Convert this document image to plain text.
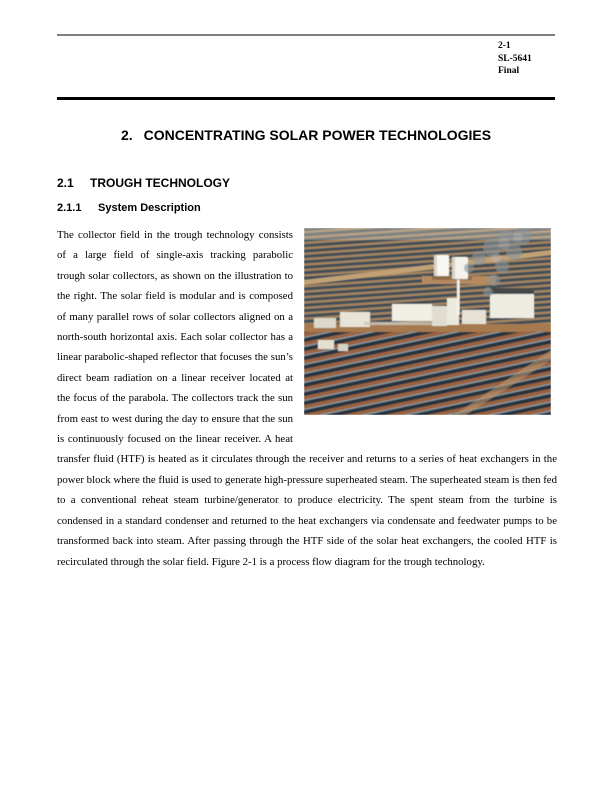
2-1
SL-5641
Final
2. CONCENTRATING SOLAR POWER TECHNOLOGIES
2.1 TROUGH TECHNOLOGY
2.1.1 System Description
The collector field in the trough technology consists of a large field of single-axis tracking parabolic trough solar collectors, as shown on the illustration to the right. The solar field is modular and is composed of many parallel rows of solar collectors aligned on a north-south horizontal axis. Each solar collector has a linear parabolic-shaped reflector that focuses the sun’s direct beam radiation on a linear receiver located at the focus of the parabola. The collectors track the sun from east to west during the day to ensure that the sun is continuously focused on the linear receiver. A heat transfer fluid (HTF) is heated as it circulates through the receiver and returns to a series of heat exchangers in the power block where the fluid is used to generate high-pressure superheated steam. The superheated steam is then fed to a conventional reheat steam turbine/generator to produce electricity. The spent steam from the turbine is condensed in a standard condenser and returned to the heat exchangers via condensate and feedwater pumps to be transformed back into steam. After passing through the HTF side of the solar heat exchangers, the cooled HTF is recirculated through the solar field. Figure 2-1 is a process flow diagram for the trough technology.
